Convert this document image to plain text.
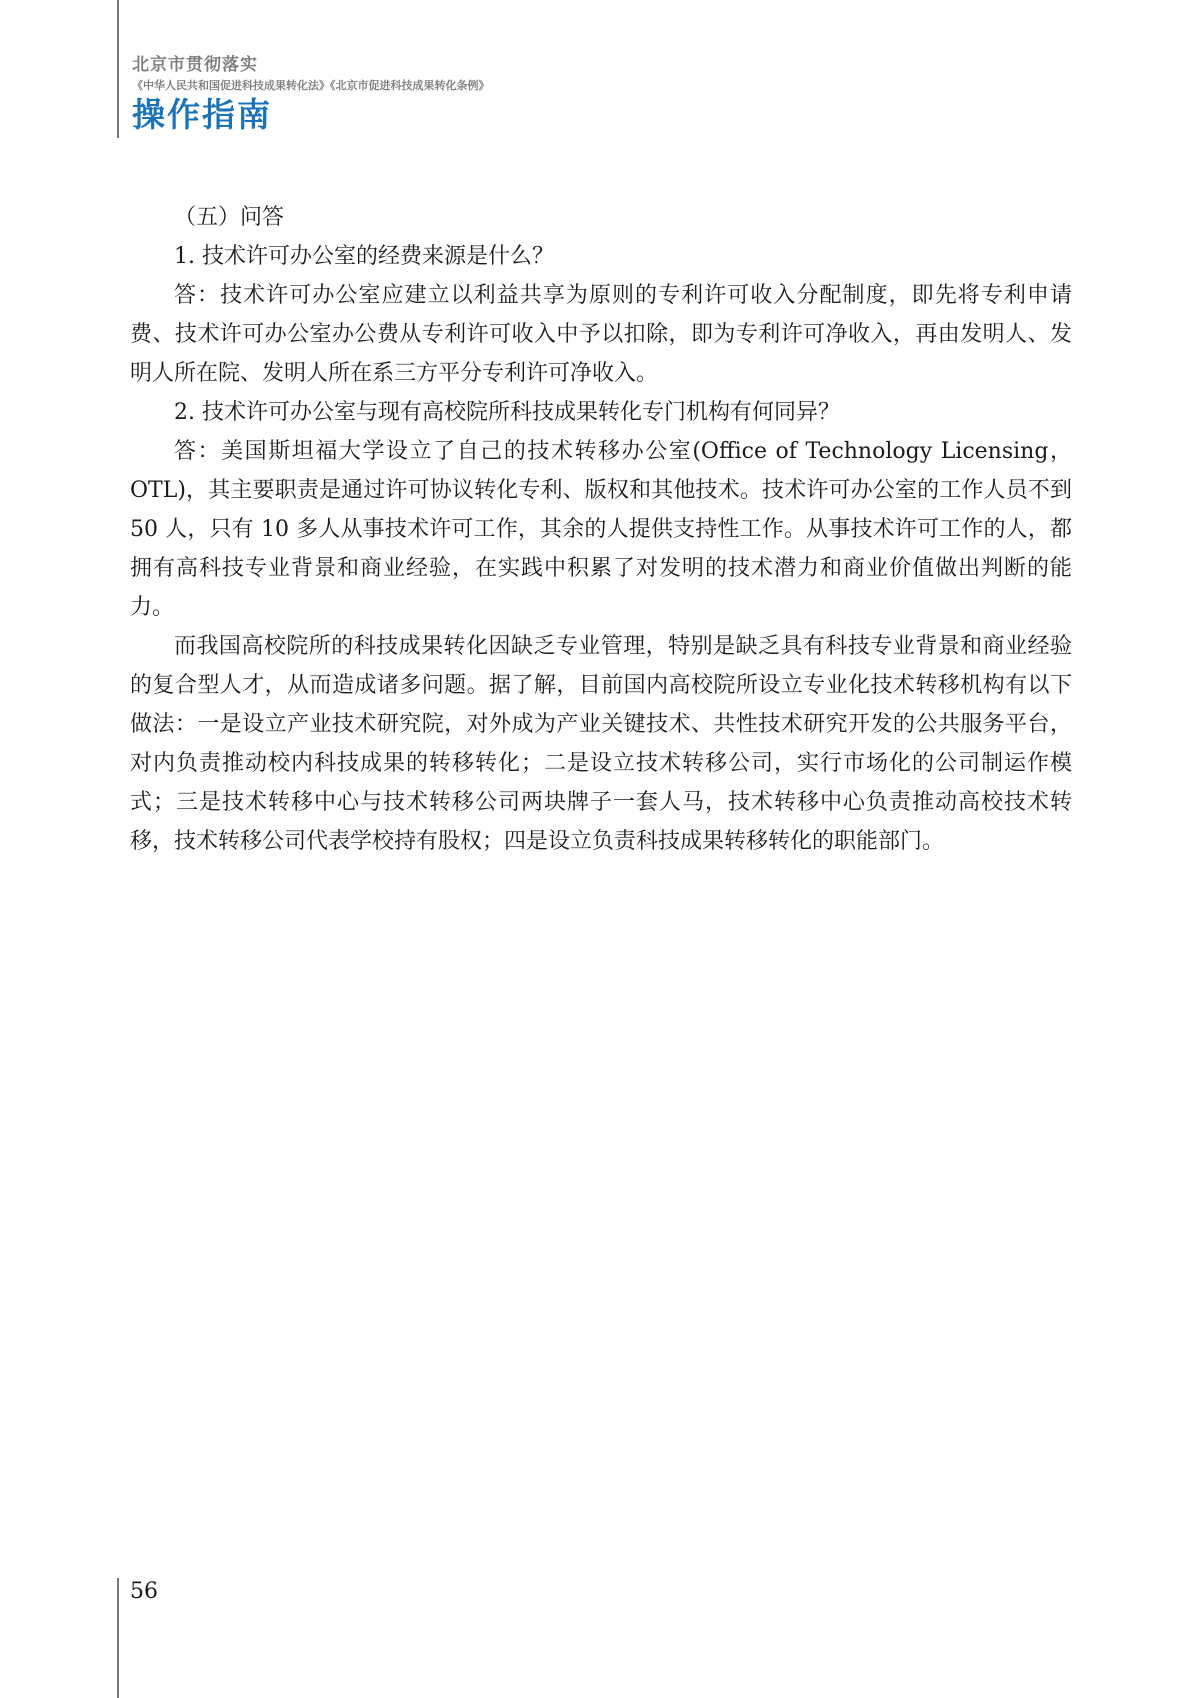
北京市贯彻落实
《中华人民共和国促进科技成果转化法》《北京市促进科技成果转化条例》
操作指南

（五）问答

1. 技术许可办公室的经费来源是什么？

答：技术许可办公室应建立以利益共享为原则的专利许可收入分配制度，即先将专利申请费、技术许可办公室办公费从专利许可收入中予以扣除，即为专利许可净收入，再由发明人、发明人所在院、发明人所在系三方平分专利许可净收入。

2. 技术许可办公室与现有高校院所科技成果转化专门机构有何同异？

答：美国斯坦福大学设立了自己的技术转移办公室(Office of Technology Licensing，OTL)，其主要职责是通过许可协议转化专利、版权和其他技术。技术许可办公室的工作人员不到 50 人，只有 10 多人从事技术许可工作，其余的人提供支持性工作。从事技术许可工作的人，都拥有高科技专业背景和商业经验，在实践中积累了对发明的技术潜力和商业价值做出判断的能力。

而我国高校院所的科技成果转化因缺乏专业管理，特别是缺乏具有科技专业背景和商业经验的复合型人才，从而造成诸多问题。据了解，目前国内高校院所设立专业化技术转移机构有以下做法：一是设立产业技术研究院，对外成为产业关键技术、共性技术研究开发的公共服务平台，对内负责推动校内科技成果的转移转化；二是设立技术转移公司，实行市场化的公司制运作模式；三是技术转移中心与技术转移公司两块牌子一套人马，技术转移中心负责推动高校技术转移，技术转移公司代表学校持有股权；四是设立负责科技成果转移转化的职能部门。

56
